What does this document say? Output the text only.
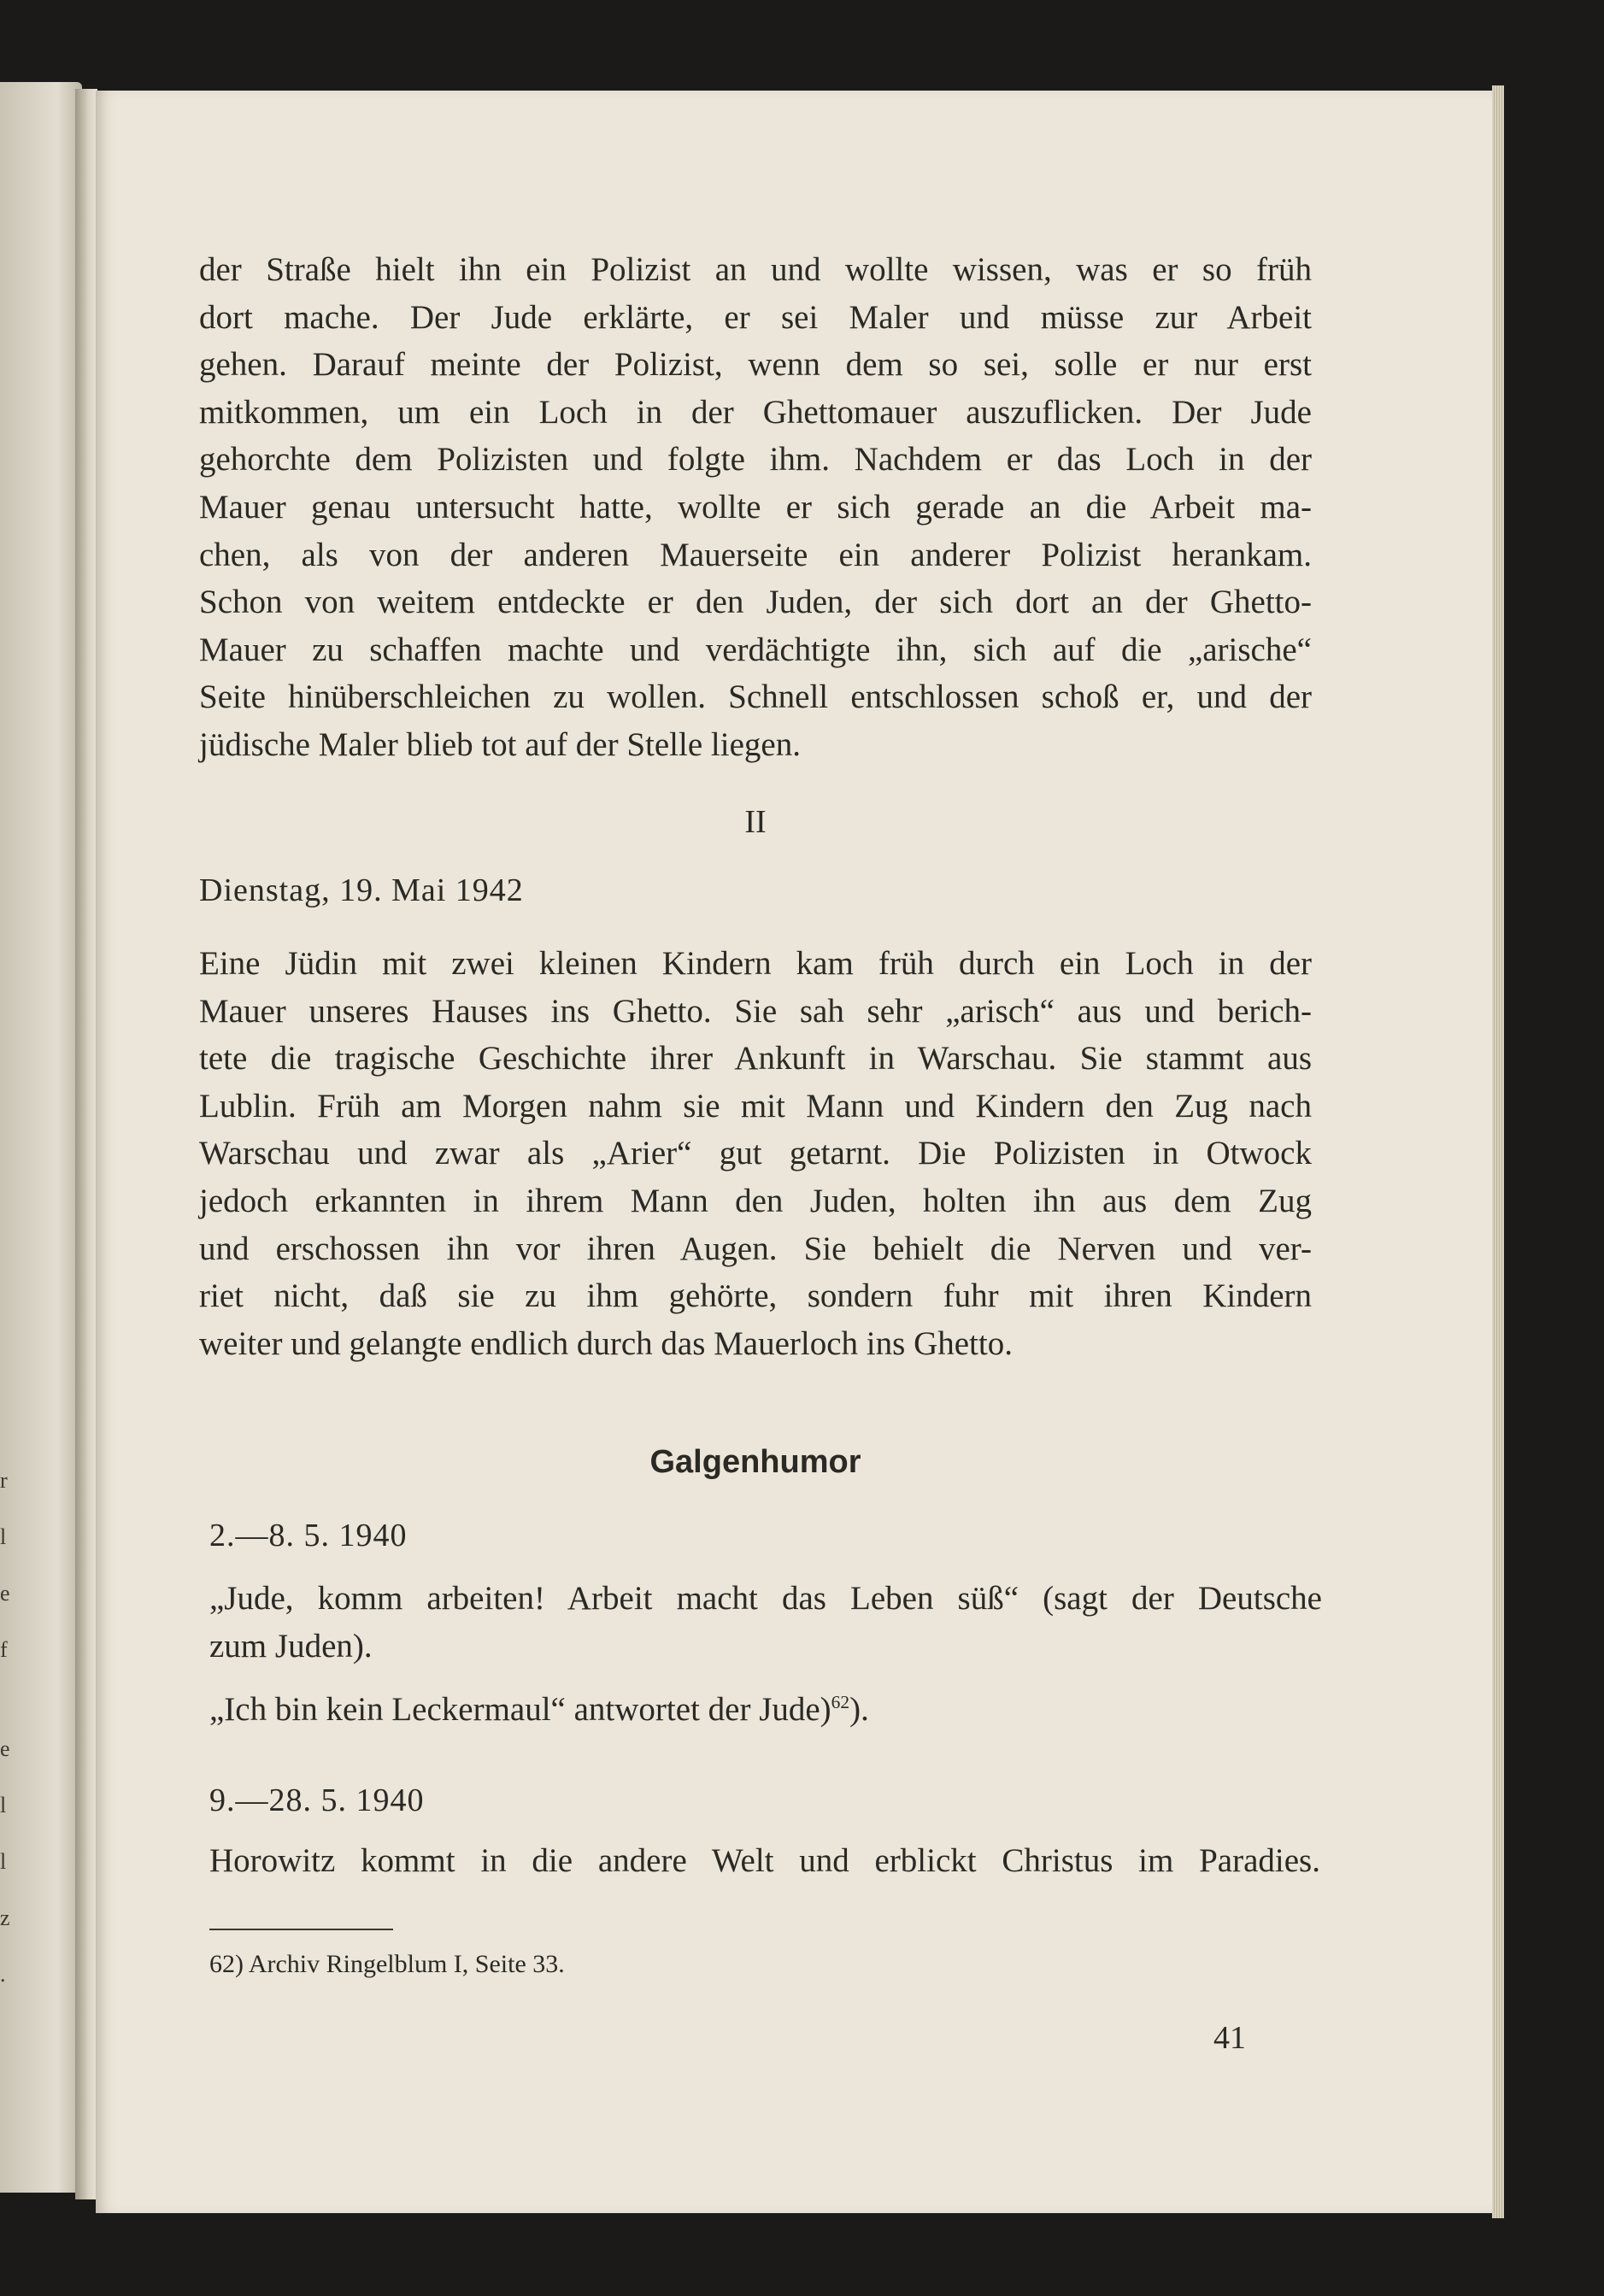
r
l
e
f
e
l
l
z
.

der Straße hielt ihn ein Polizist an und wollte wissen, was er so früh
dort mache. Der Jude erklärte, er sei Maler und müsse zur Arbeit
gehen. Darauf meinte der Polizist, wenn dem so sei, solle er nur erst
mitkommen, um ein Loch in der Ghettomauer auszuflicken. Der Jude
gehorchte dem Polizisten und folgte ihm. Nachdem er das Loch in der
Mauer genau untersucht hatte, wollte er sich gerade an die Arbeit ma-
chen, als von der anderen Mauerseite ein anderer Polizist herankam.
Schon von weitem entdeckte er den Juden, der sich dort an der Ghetto-
Mauer zu schaffen machte und verdächtigte ihn, sich auf die „arische“
Seite hinüberschleichen zu wollen. Schnell entschlossen schoß er, und der
jüdische Maler blieb tot auf der Stelle liegen.

II
Dienstag, 19. Mai 1942

Eine Jüdin mit zwei kleinen Kindern kam früh durch ein Loch in der
Mauer unseres Hauses ins Ghetto. Sie sah sehr „arisch“ aus und berich-
tete die tragische Geschichte ihrer Ankunft in Warschau. Sie stammt aus
Lublin. Früh am Morgen nahm sie mit Mann und Kindern den Zug nach
Warschau und zwar als „Arier“ gut getarnt. Die Polizisten in Otwock
jedoch erkannten in ihrem Mann den Juden, holten ihn aus dem Zug
und erschossen ihn vor ihren Augen. Sie behielt die Nerven und ver-
riet nicht, daß sie zu ihm gehörte, sondern fuhr mit ihren Kindern
weiter und gelangte endlich durch das Mauerloch ins Ghetto.

Galgenhumor
2.—8. 5. 1940
„Jude, komm arbeiten! Arbeit macht das Leben süß“ (sagt der Deutsche
zum Juden).
„Ich bin kein Leckermaul“ antwortet der Jude)$^{62}$).
9.—28. 5. 1940
Horowitz kommt in die andere Welt und erblickt Christus im Paradies.
62) Archiv Ringelblum I, Seite 33.
41
